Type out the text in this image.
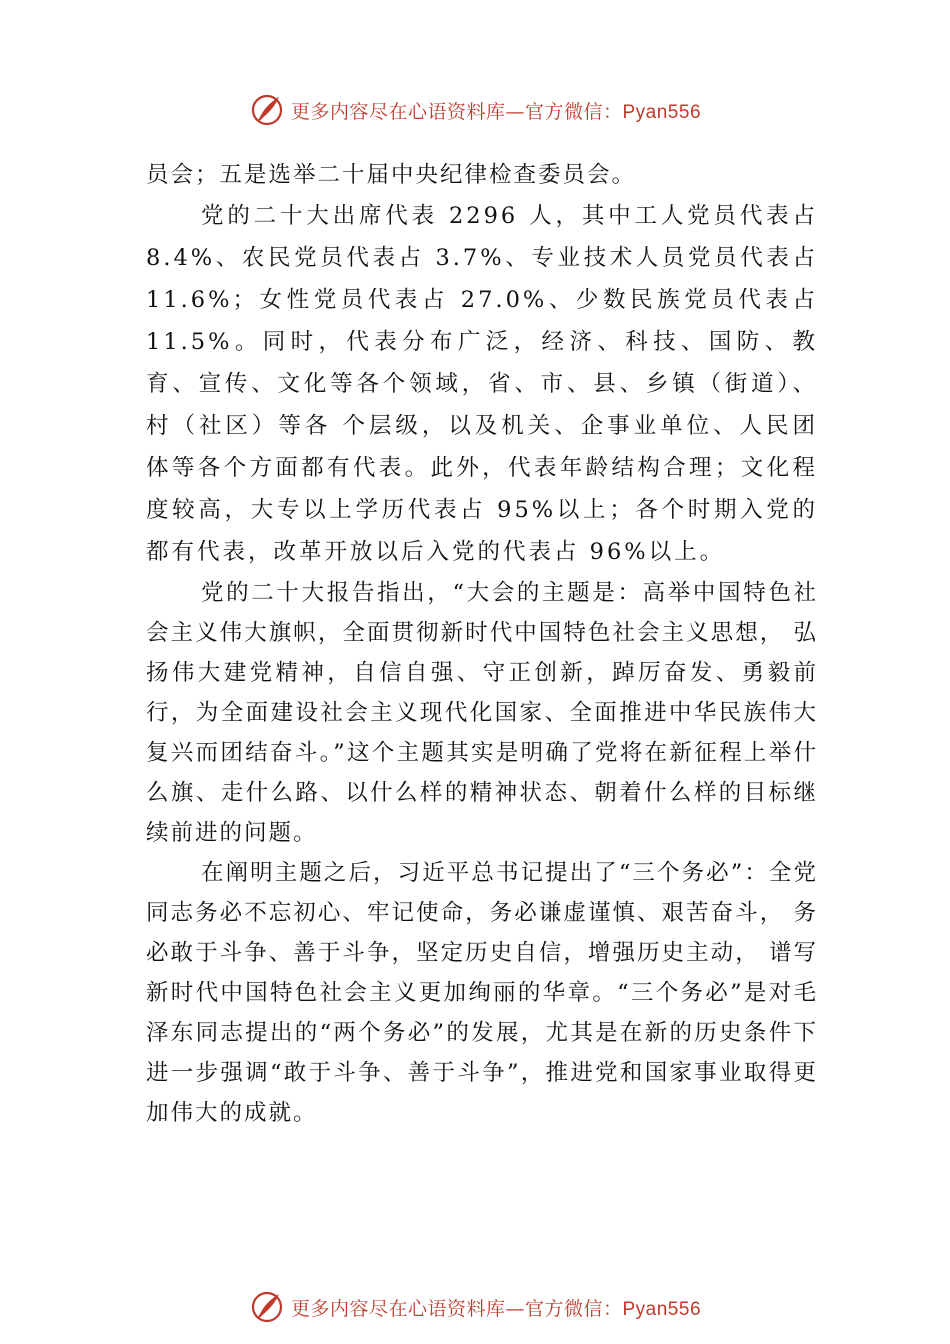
更多内容尽在心语资料库—官方微信：Pyan556

员会；五是选举二十届中央纪律检查委员会。

党的二十大出席代表 2296 人，其中工人党员代表占 8.4%、农民党员代表占 3.7%、专业技术人员党员代表占 11.6%；女性党员代表占 27.0%、少数民族党员代表占 11.5%。同时，代表分布广泛，经济、科技、国防、教育、宣传、文化等各个领域，省、市、县、乡镇（街道）、村（社区）等各 个层级，以及机关、企事业单位、人民团体等各个方面都有代表。此外，代表年龄结构合理；文化程度较高，大专以上学历代表占 95%以上；各个时期入党的都有代表，改革开放以后入党的代表占 96%以上。

党的二十大报告指出，“大会的主题是：高举中国特色社会主义伟大旗帜，全面贯彻新时代中国特色社会主义思想， 弘扬伟大建党精神，自信自强、守正创新，踔厉奋发、勇毅前行，为全面建设社会主义现代化国家、全面推进中华民族伟大复兴而团结奋斗。”这个主题其实是明确了党将在新征程上举什么旗、走什么路、以什么样的精神状态、朝着什么样的目标继续前进的问题。

在阐明主题之后，习近平总书记提出了“三个务必”：全党同志务必不忘初心、牢记使命，务必谦虚谨慎、艰苦奋斗， 务必敢于斗争、善于斗争，坚定历史自信，增强历史主动， 谱写新时代中国特色社会主义更加绚丽的华章。“三个务必”是对毛泽东同志提出的“两个务必”的发展，尤其是在新的历史条件下进一步强调“敢于斗争、善于斗争”，推进党和国家事业取得更加伟大的成就。

更多内容尽在心语资料库—官方微信：Pyan556
